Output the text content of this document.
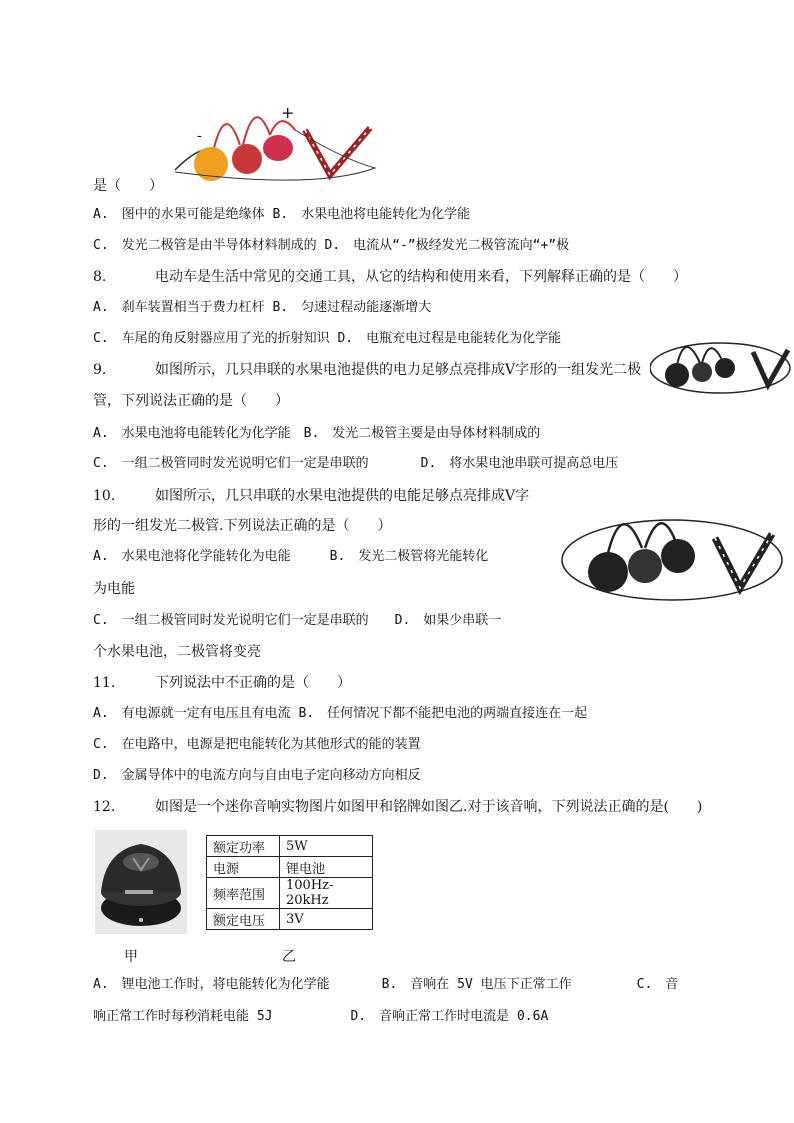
-
+
是（　　）
A.　图中的水果可能是绝缘体 B.　水果电池将电能转化为化学能
C.　发光二极管是由半导体材料制成的 D.　电流从“-”极经发光二极管流向“+”极
8.	电动车是生活中常见的交通工具，从它的结构和使用来看，下列解释正确的是（　　）
A.　刹车装置相当于费力杠杆 B.　匀速过程动能逐渐增大
C.　车尾的角反射器应用了光的折射知识 D.　电瓶充电过程是电能转化为化学能
9.	如图所示，几只串联的水果电池提供的电力足够点亮排成V字形的一组发光二极
管，下列说法正确的是（　　）
A.　水果电池将电能转化为化学能　B.　发光二极管主要是由导体材料制成的
C.　一组二极管同时发光说明它们一定是串联的　　　　D.　将水果电池串联可提高总电压
10.	如图所示，几只串联的水果电池提供的电能足够点亮排成V字
形的一组发光二极管.下列说法正确的是（　　）
A.　水果电池将化学能转化为电能　　　B.　发光二极管将光能转化
为电能
C.　一组二极管同时发光说明它们一定是串联的　　D.　如果少串联一
个水果电池，二极管将变亮
11.	下列说法中不正确的是（　　）
A.　有电源就一定有电压且有电流 B.　任何情况下都不能把电池的两端直接连在一起
C.　在电路中，电源是把电能转化为其他形式的能的装置
D.　金属导体中的电流方向与自由电子定向移动方向相反
12.	如图是一个迷你音响实物图片如图甲和铭牌如图乙.对于该音响，下列说法正确的是(　　)
额定功率	5W
电源	锂电池
频率范围	100Hz-20kHz
额定电压	3V
甲	乙
A.　锂电池工作时，将电能转化为化学能　　　　B.　音响在 5V 电压下正常工作　　　　　C.　音
响正常工作时每秒消耗电能 5J　　　　　　D.　音响正常工作时电流是 0.6A
